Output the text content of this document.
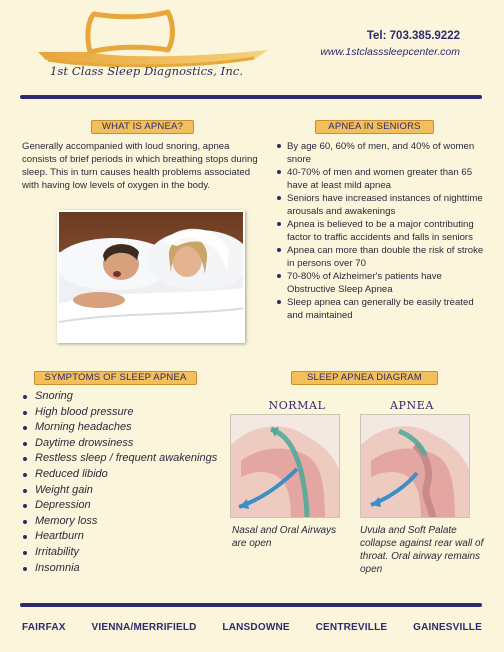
1st Class Sleep Diagnostics, Inc.
Tel: 703.385.9222
www.1stclasssleepcenter.com
WHAT IS APNEA?
Generally accompanied with loud snoring, apnea consists of brief periods in which breathing stops during sleep. This in turn causes health problems associated with having low levels of oxygen in the body.
APNEA IN SENIORS
By age 60, 60% of men, and 40% of women snore
40-70% of men and women greater than 65 have at least mild apnea
Seniors have increased instances of nighttime arousals and awakenings
Apnea is believed to be a major contributing factor to traffic accidents and falls in seniors
Apnea can more than double the risk of stroke in persons over 70
70-80% of Alzheimer's patients have Obstructive Sleep Apnea
Sleep apnea can generally be easily treated and maintained
SYMPTOMS OF SLEEP APNEA
Snoring
High blood pressure
Morning headaches
Daytime drowsiness
Restless sleep / frequent awakenings
Reduced libido
Weight gain
Depression
Memory loss
Heartburn
Irritability
Insomnia
SLEEP APNEA DIAGRAM
NORMAL	APNEA
Nasal and Oral Airways are open
Uvula and Soft Palate collapse against rear wall of throat. Oral airway remains open
FAIRFAX	VIENNA/MERRIFIELD	LANSDOWNE	CENTREVILLE	GAINESVILLE
